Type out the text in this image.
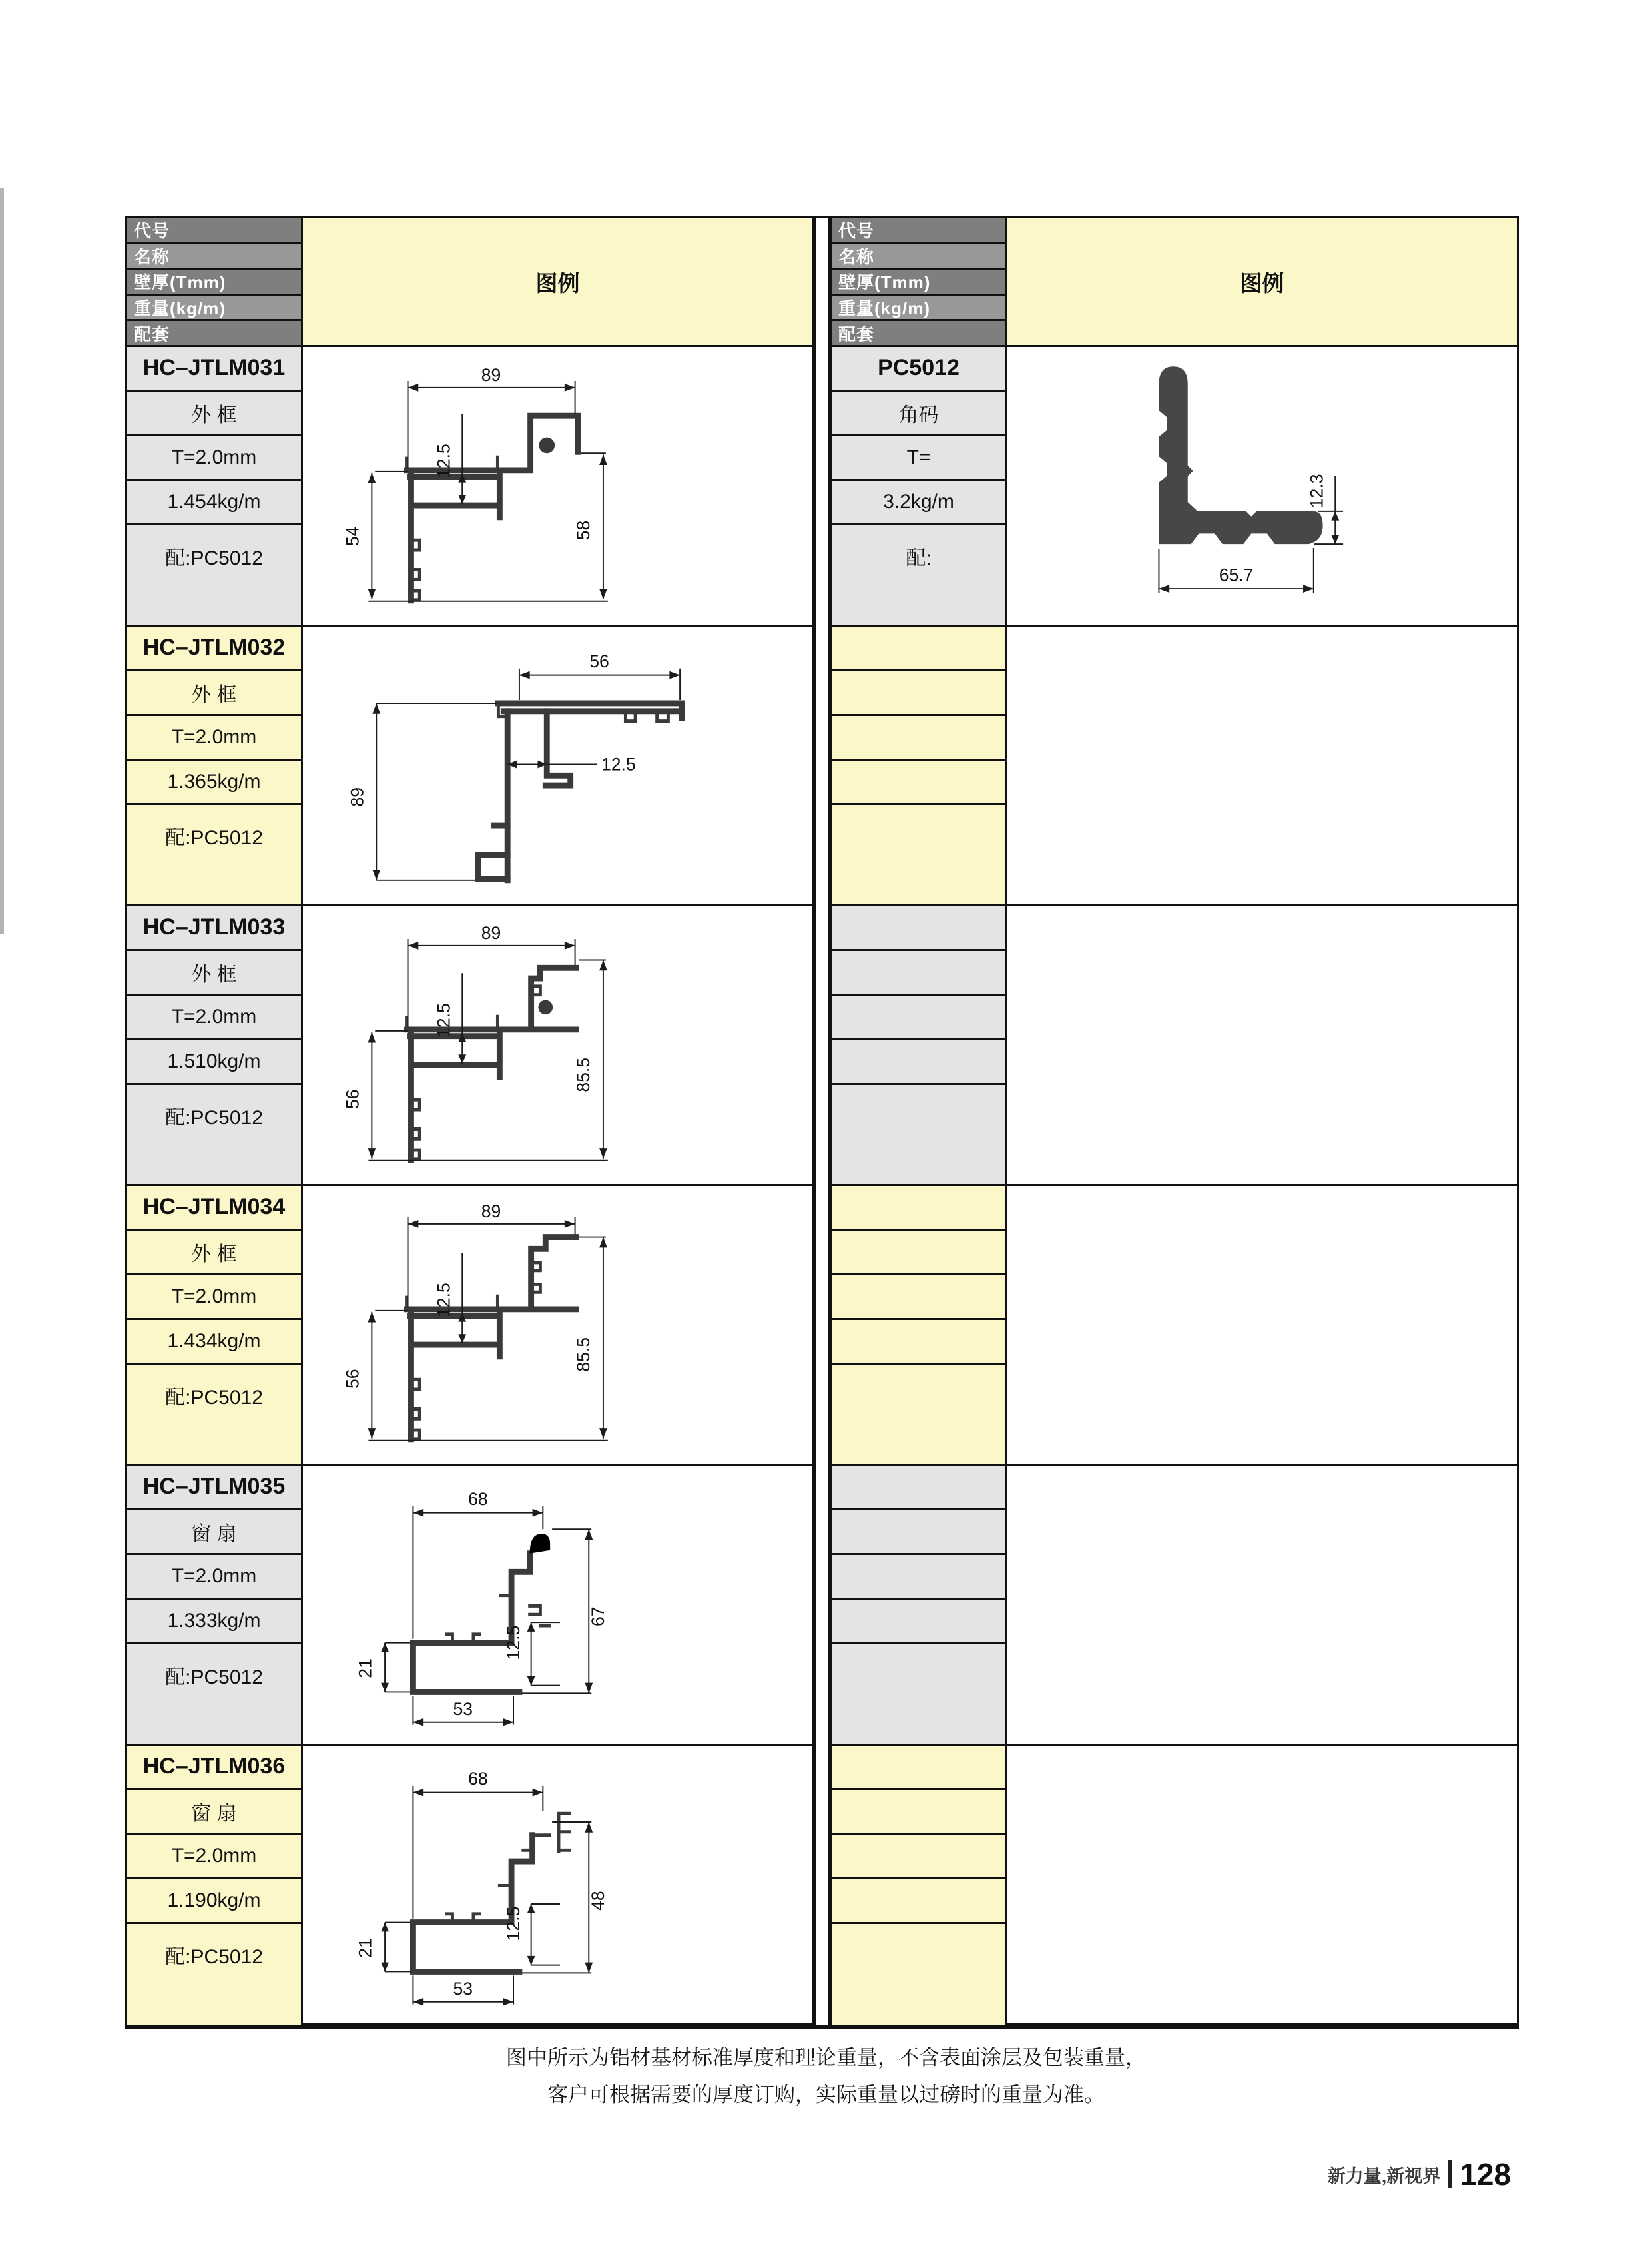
代号
名称
壁厚(Tmm)
重量(kg/m)
配套
HC–JTLM031
外 框
T=2.0mm
1.454kg/m
配:PC5012
HC–JTLM032
外 框
T=2.0mm
1.365kg/m
配:PC5012
HC–JTLM033
外 框
T=2.0mm
1.510kg/m
配:PC5012
HC–JTLM034
外 框
T=2.0mm
1.434kg/m
配:PC5012
HC–JTLM035
窗 扇
T=2.0mm
1.333kg/m
配:PC5012
HC–JTLM036
窗 扇
T=2.0mm
1.190kg/m
配:PC5012
图例
89
12.5
54	58
56
89
12.5
89
12.5
56
85.5
89
12.5
56
85.5
68
67
21
53
12.5
68
48
21
53
12.5
代号
名称
壁厚(Tmm)
重量(kg/m)
配套
PC5012
角码
T=
3.2kg/m
配:
图例
12.3
65.7
图中所示为铝材基材标准厚度和理论重量，不含表面涂层及包装重量，
客户可根据需要的厚度订购，实际重量以过磅时的重量为准。
新力量,新视界 128
